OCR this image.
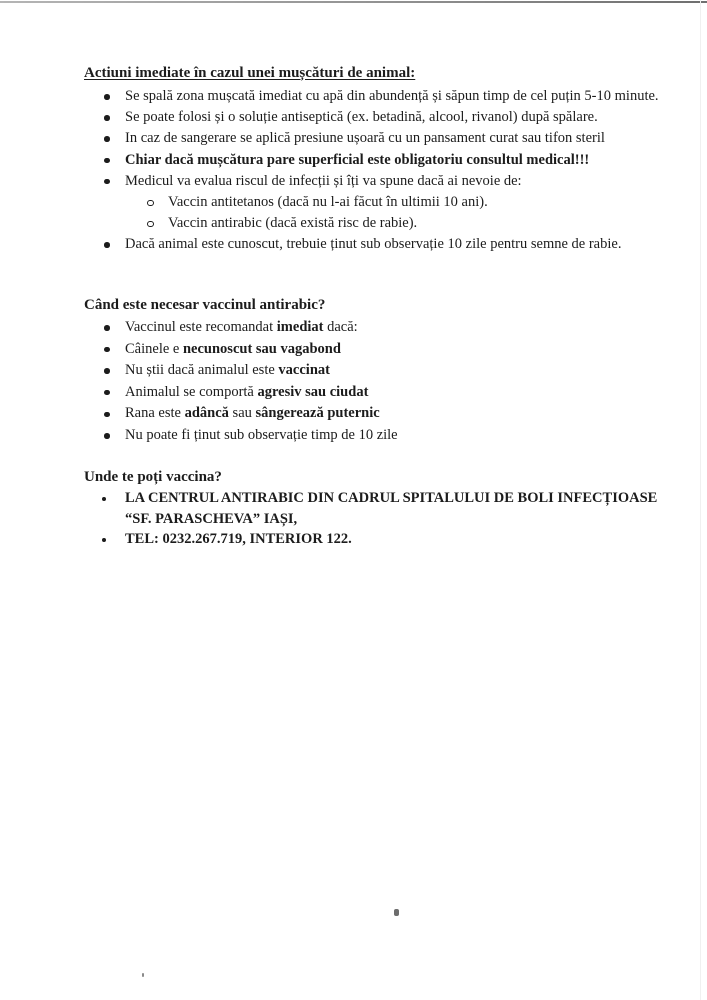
Actiuni imediate în cazul unei mușcături de animal:
Se spală zona mușcată imediat cu apă din abundență și săpun timp de cel puțin 5-10 minute.
Se poate folosi și o soluție antiseptică (ex. betadină, alcool, rivanol) după spălare.
In caz de sangerare se aplică presiune ușoară cu un pansament curat sau tifon steril
Chiar dacă mușcătura pare superficial este obligatoriu consultul medical!!!
Medicul va evalua riscul de infecții și îți va spune dacă ai nevoie de:
Vaccin antitetanos (dacă nu l-ai făcut în ultimii 10 ani).
Vaccin antirabic (dacă există risc de rabie).
Dacă animal este cunoscut, trebuie ținut sub observație 10 zile pentru semne de rabie.
Când este necesar vaccinul antirabic?
Vaccinul este recomandat imediat dacă:
Câinele e necunoscut sau vagabond
Nu știi dacă animalul este vaccinat
Animalul se comportă agresiv sau ciudat
Rana este adâncă sau sângerează puternic
Nu poate fi ținut sub observație timp de 10 zile
Unde te poți vaccina?
LA CENTRUL ANTIRABIC DIN CADRUL SPITALULUI DE BOLI INFECȚIOASE “SF. PARASCHEVA” IAȘI,
TEL: 0232.267.719, INTERIOR 122.
